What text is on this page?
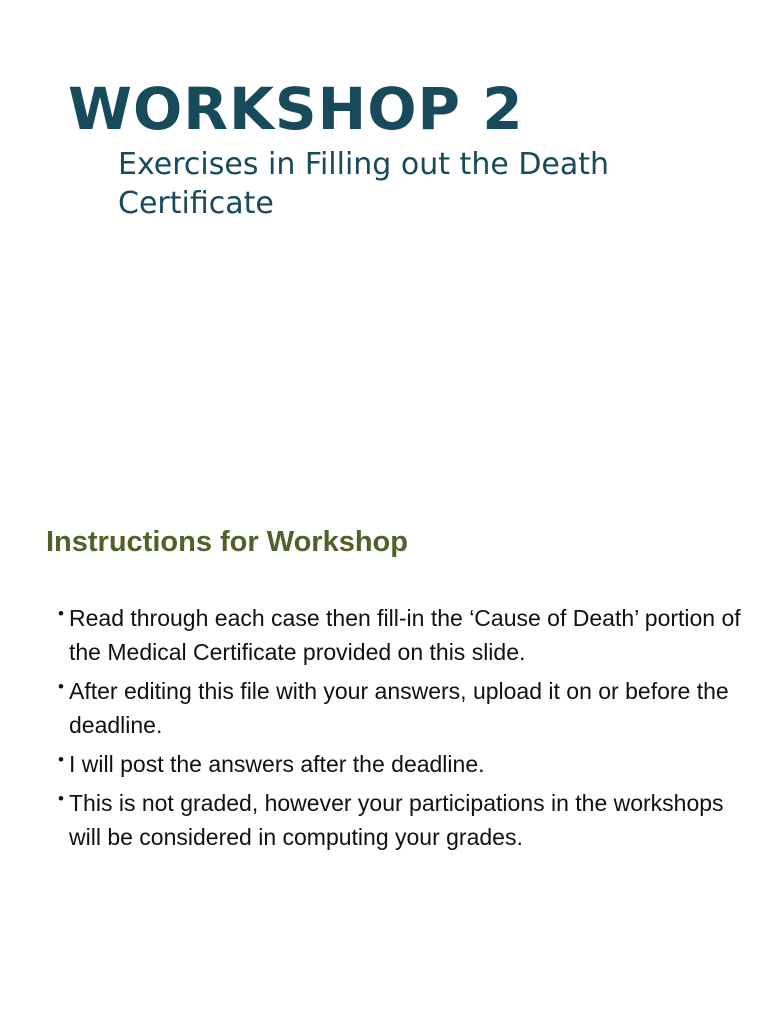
WORKSHOP 2
Exercises in Filling out the Death Certificate
Instructions for Workshop
• Read through each case then fill-in the ‘Cause of Death’ portion of the Medical Certificate provided on this slide.
• After editing this file with your answers, upload it on or before the deadline.
• I will post the answers after the deadline.
• This is not graded, however your participations in the workshops will be considered in computing your grades.
